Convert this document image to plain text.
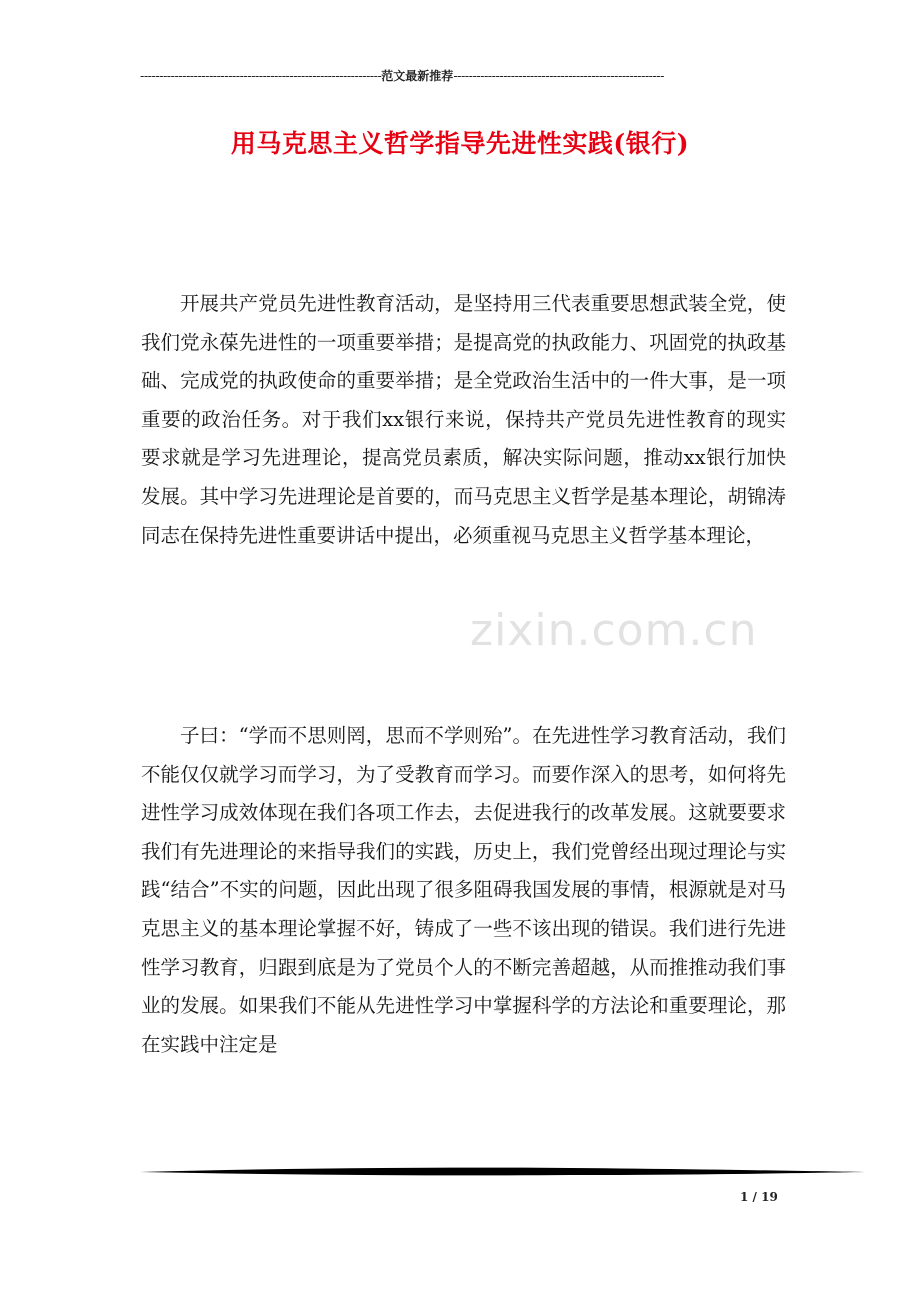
---------------------------------------------------------------范文最新推荐-------------------------------------------------------
用马克思主义哲学指导先进性实践(银行)

开展共产党员先进性教育活动，是坚持用三代表重要思想武装全党，使我们党永葆先进性的一项重要举措；是提高党的执政能力、巩固党的执政基础、完成党的执政使命的重要举措；是全党政治生活中的一件大事，是一项重要的政治任务。对于我们xx银行来说，保持共产党员先进性教育的现实要求就是学习先进理论，提高党员素质，解决实际问题，推动xx银行加快发展。其中学习先进理论是首要的，而马克思主义哲学是基本理论，胡锦涛同志在保持先进性重要讲话中提出，必须重视马克思主义哲学基本理论，

zixin.com.cn

子曰：“学而不思则罔，思而不学则殆”。在先进性学习教育活动，我们不能仅仅就学习而学习，为了受教育而学习。而要作深入的思考，如何将先进性学习成效体现在我们各项工作去，去促进我行的改革发展。这就要要求我们有先进理论的来指导我们的实践，历史上，我们党曾经出现过理论与实践“结合”不实的问题，因此出现了很多阻碍我国发展的事情，根源就是对马克思主义的基本理论掌握不好，铸成了一些不该出现的错误。我们进行先进性学习教育，归跟到底是为了党员个人的不断完善超越，从而推推动我们事业的发展。如果我们不能从先进性学习中掌握科学的方法论和重要理论，那在实践中注定是

1 / 19
